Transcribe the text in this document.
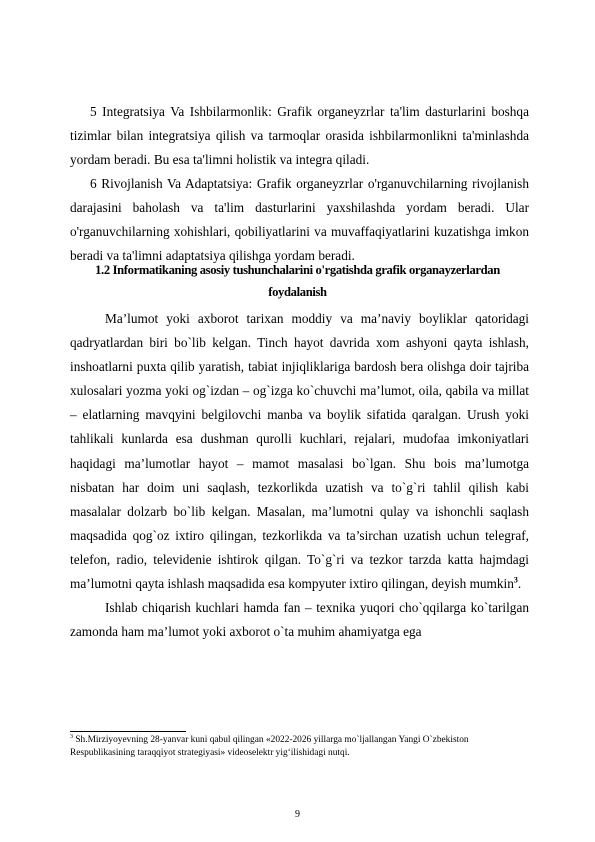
5 Integratsiya Va Ishbilarmonlik: Grafik organeyzrlar ta'lim dasturlarini boshqa tizimlar bilan integratsiya qilish va tarmoqlar orasida ishbilarmonlikni ta'minlashda yordam beradi. Bu esa ta'limni holistik va integra qiladi.

6 Rivojlanish Va Adaptatsiya: Grafik organeyzrlar o'rganuvchilarning rivojlanish darajasini baholash va ta'lim dasturlarini yaxshilashda yordam beradi. Ular o'rganuvchilarning xohishlari, qobiliyatlarini va muvaffaqiyatlarini kuzatishga imkon beradi va ta'limni adaptatsiya qilishga yordam beradi.

1.2 Informatikaning asosiy tushunchalarini o'rgatishda grafik organayzerlardan
foydalanish

Ma’lumot yoki axborot tarixan moddiy va ma’naviy boyliklar qatoridagi qadryatlardan biri bo`lib kelgan. Tinch hayot davrida xom ashyoni qayta ishlash, inshoatlarni puxta qilib yaratish, tabiat injiqliklariga bardosh bera olishga doir tajriba xulosalari yozma yoki og`izdan – og`izga ko`chuvchi ma’lumot, oila, qabila va millat – elatlarning mavqyini belgilovchi manba va boylik sifatida qaralgan. Urush yoki tahlikali kunlarda esa dushman qurolli kuchlari, rejalari, mudofaa imkoniyatlari haqidagi ma’lumotlar hayot – mamot masalasi bo`lgan. Shu bois ma’lumotga nisbatan har doim uni saqlash, tezkorlikda uzatish va to`g`ri tahlil qilish kabi masalalar dolzarb bo`lib kelgan. Masalan, ma’lumotni qulay va ishonchli saqlash maqsadida qog`oz ixtiro qilingan, tezkorlikda va ta’sirchan uzatish uchun telegraf, telefon, radio, televidenie ishtirok qilgan. To`g`ri va tezkor tarzda katta hajmdagi ma’lumotni qayta ishlash maqsadida esa kompyuter ixtiro qilingan, deyish mumkin$^3$.

Ishlab chiqarish kuchlari hamda fan – texnika yuqori cho`qqilarga ko`tarilgan zamonda ham ma’lumot yoki axborot o`ta muhim ahamiyatga ega

$^3$ Sh.Mirziyoyevning 28-yanvar kuni qabul qilingan «2022-2026 yillarga mo`ljallangan Yangi O`zbekiston Respublikasining taraqqiyot strategiyasi» videoselektr yig‘ilishidagi nutqi.
9
